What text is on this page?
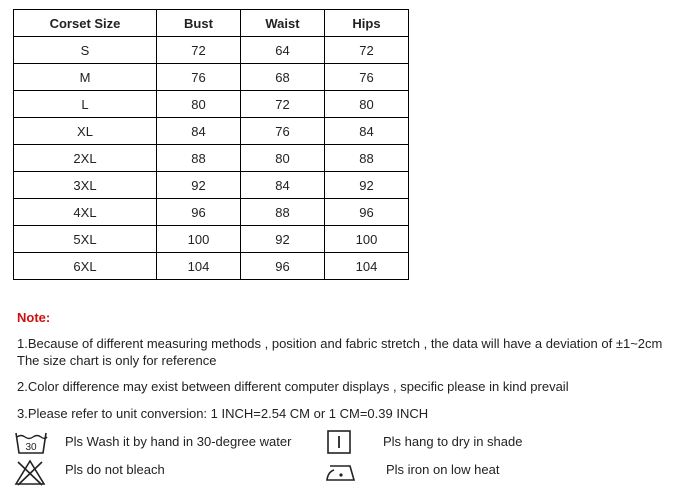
Corset Size	Bust	Waist	Hips
S	72	64	72
M	76	68	76
L	80	72	80
XL	84	76	84
2XL	88	80	88
3XL	92	84	92
4XL	96	88	96
5XL	100	92	100
6XL	104	96	104
Note:
1.Because of different measuring methods , position and fabric stretch , the data will have a deviation of ±1~2cm
The size chart is only for reference
2.Color difference may exist between different computer displays , specific please in kind prevail
3.Please refer to unit conversion: 1 INCH=2.54 CM or 1 CM=0.39 INCH
30 Pls Wash it by hand in 30-degree water	Pls hang to dry in shade
Pls do not bleach	Pls iron on low heat
